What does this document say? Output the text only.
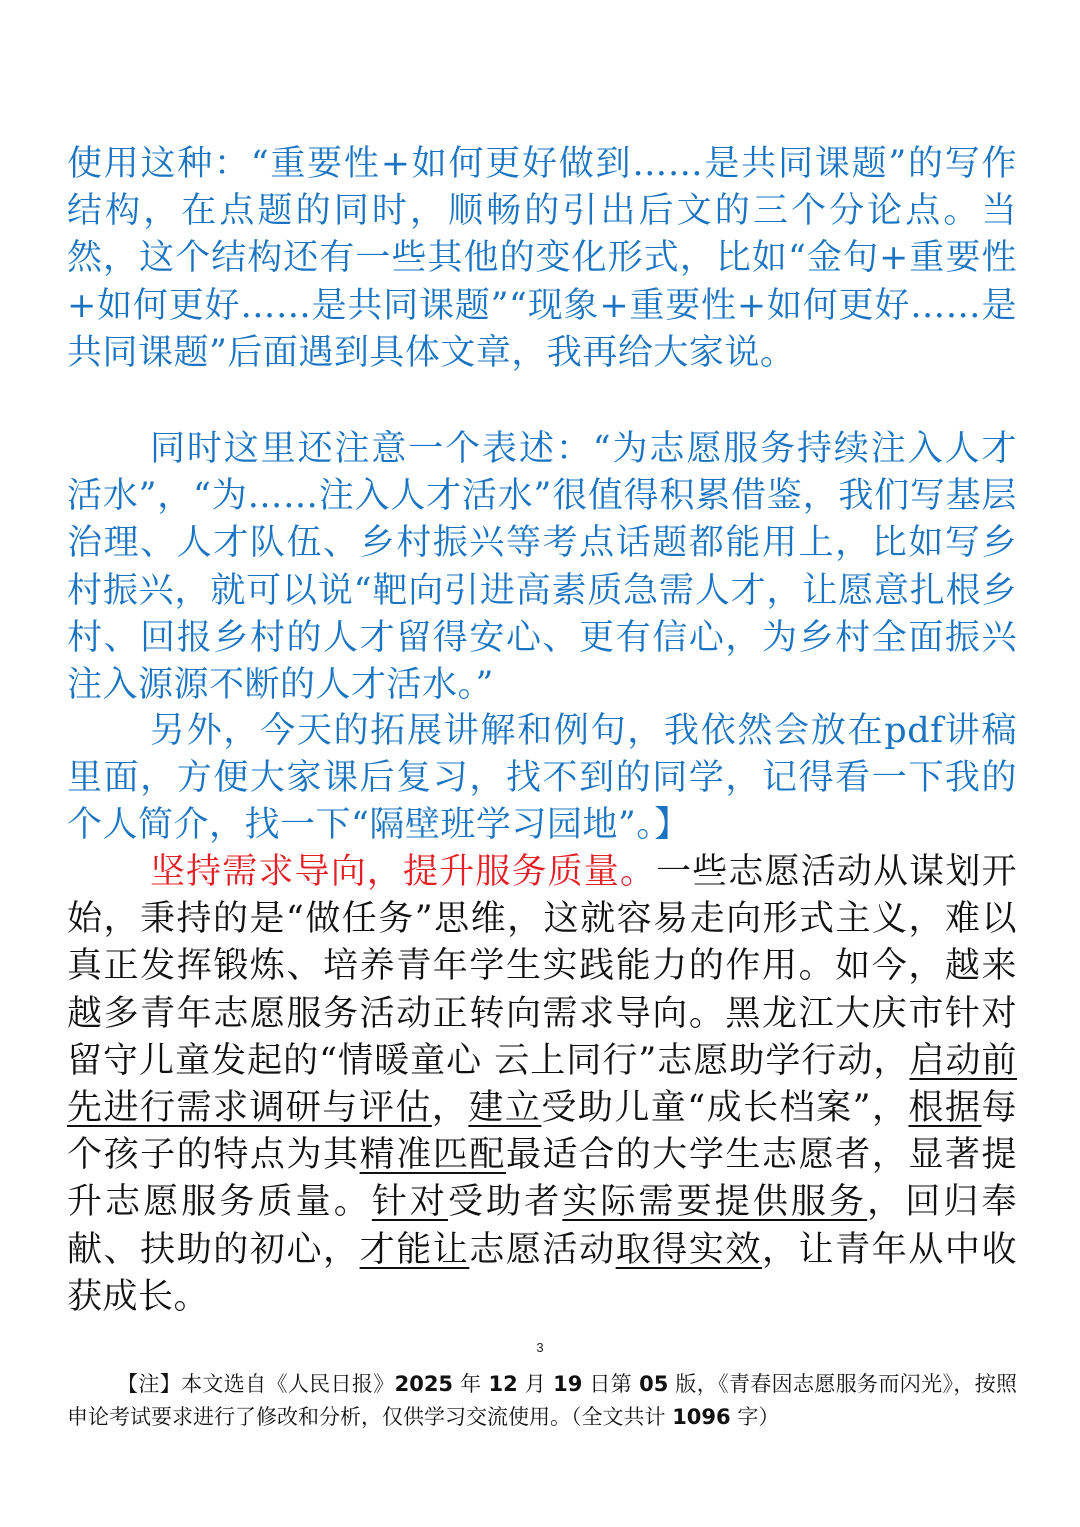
使用这种：“重要性+如何更好做到……是共同课题”的写作结构，在点题的同时，顺畅的引出后文的三个分论点。当然，这个结构还有一些其他的变化形式，比如“金句+重要性+如何更好……是共同课题”“现象+重要性+如何更好……是共同课题”后面遇到具体文章，我再给大家说。

同时这里还注意一个表述：“为志愿服务持续注入人才活水”，“为……注入人才活水”很值得积累借鉴，我们写基层治理、人才队伍、乡村振兴等考点话题都能用上，比如写乡村振兴，就可以说“靶向引进高素质急需人才，让愿意扎根乡村、回报乡村的人才留得安心、更有信心，为乡村全面振兴注入源源不断的人才活水。”

另外，今天的拓展讲解和例句，我依然会放在pdf讲稿里面，方便大家课后复习，找不到的同学，记得看一下我的个人简介，找一下“隔壁班学习园地”。】

坚持需求导向，提升服务质量。一些志愿活动从谋划开始，秉持的是“做任务”思维，这就容易走向形式主义，难以真正发挥锻炼、培养青年学生实践能力的作用。如今，越来越多青年志愿服务活动正转向需求导向。黑龙江大庆市针对留守儿童发起的“情暖童心 云上同行”志愿助学行动，启动前先进行需求调研与评估，建立受助儿童“成长档案”，根据每个孩子的特点为其精准匹配最适合的大学生志愿者，显著提升志愿服务质量。针对受助者实际需要提供服务，回归奉献、扶助的初心，才能让志愿活动取得实效，让青年从中收获成长。

3

【注】本文选自《人民日报》2025 年 12 月 19 日第 05 版，《青春因志愿服务而闪光》，按照申论考试要求进行了修改和分析，仅供学习交流使用。（全文共计 1096 字）
